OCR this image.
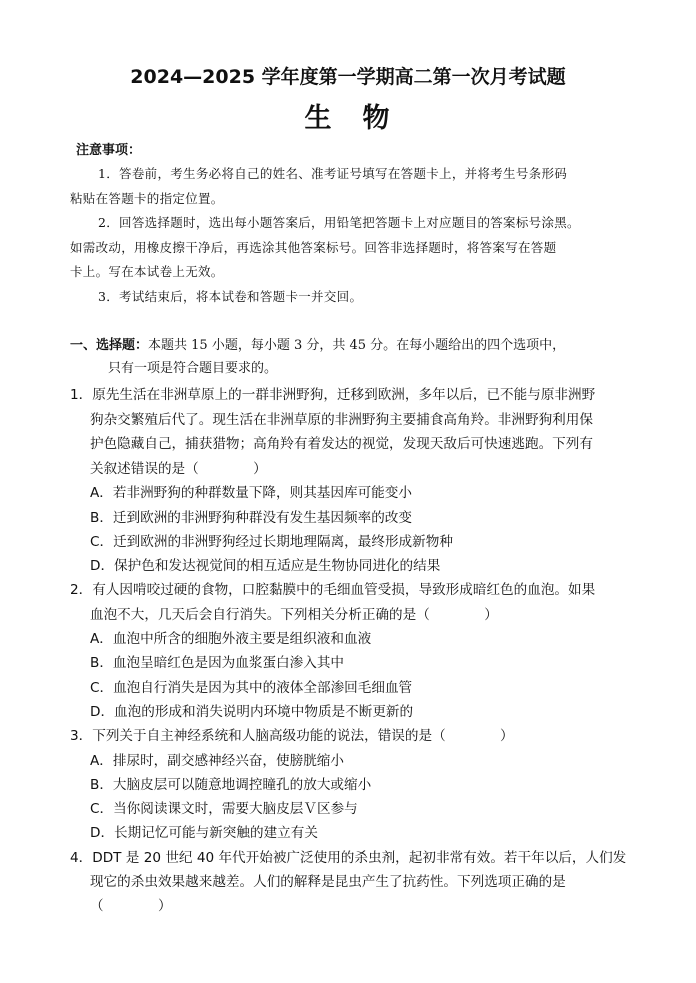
2024—2025 学年度第一学期高二第一次月考试题
生　物
注意事项：
1．答卷前，考生务必将自己的姓名、准考证号填写在答题卡上，并将考生号条形码
粘贴在答题卡的指定位置。
2．回答选择题时，选出每小题答案后，用铅笔把答题卡上对应题目的答案标号涂黑。
如需改动，用橡皮擦干净后，再选涂其他答案标号。回答非选择题时，将答案写在答题
卡上。写在本试卷上无效。
3．考试结束后，将本试卷和答题卡一并交回。
一、选择题：本题共 15 小题，每小题 3 分，共 45 分。在每小题给出的四个选项中，
只有一项是符合题目要求的。
1．原先生活在非洲草原上的一群非洲野狗，迁移到欧洲，多年以后，已不能与原非洲野
狗杂交繁殖后代了。现生活在非洲草原的非洲野狗主要捕食高角羚。非洲野狗利用保
护色隐藏自己，捕获猎物；高角羚有着发达的视觉，发现天敌后可快速逃跑。下列有
关叙述错误的是（　　　　）
A．若非洲野狗的种群数量下降，则其基因库可能变小
B．迁到欧洲的非洲野狗种群没有发生基因频率的改变
C．迁到欧洲的非洲野狗经过长期地理隔离，最终形成新物种
D．保护色和发达视觉间的相互适应是生物协同进化的结果
2．有人因啃咬过硬的食物，口腔黏膜中的毛细血管受损，导致形成暗红色的血泡。如果
血泡不大，几天后会自行消失。下列相关分析正确的是（　　　　）
A．血泡中所含的细胞外液主要是组织液和血液
B．血泡呈暗红色是因为血浆蛋白渗入其中
C．血泡自行消失是因为其中的液体全部渗回毛细血管
D．血泡的形成和消失说明内环境中物质是不断更新的
3．下列关于自主神经系统和人脑高级功能的说法，错误的是（　　　　）
A．排尿时，副交感神经兴奋，使膀胱缩小
B．大脑皮层可以随意地调控瞳孔的放大或缩小
C．当你阅读课文时，需要大脑皮层Ｖ区参与
D．长期记忆可能与新突触的建立有关
4．DDT 是 20 世纪 40 年代开始被广泛使用的杀虫剂，起初非常有效。若干年以后，人们发
现它的杀虫效果越来越差。人们的解释是昆虫产生了抗药性。下列选项正确的是
（　　　　）
